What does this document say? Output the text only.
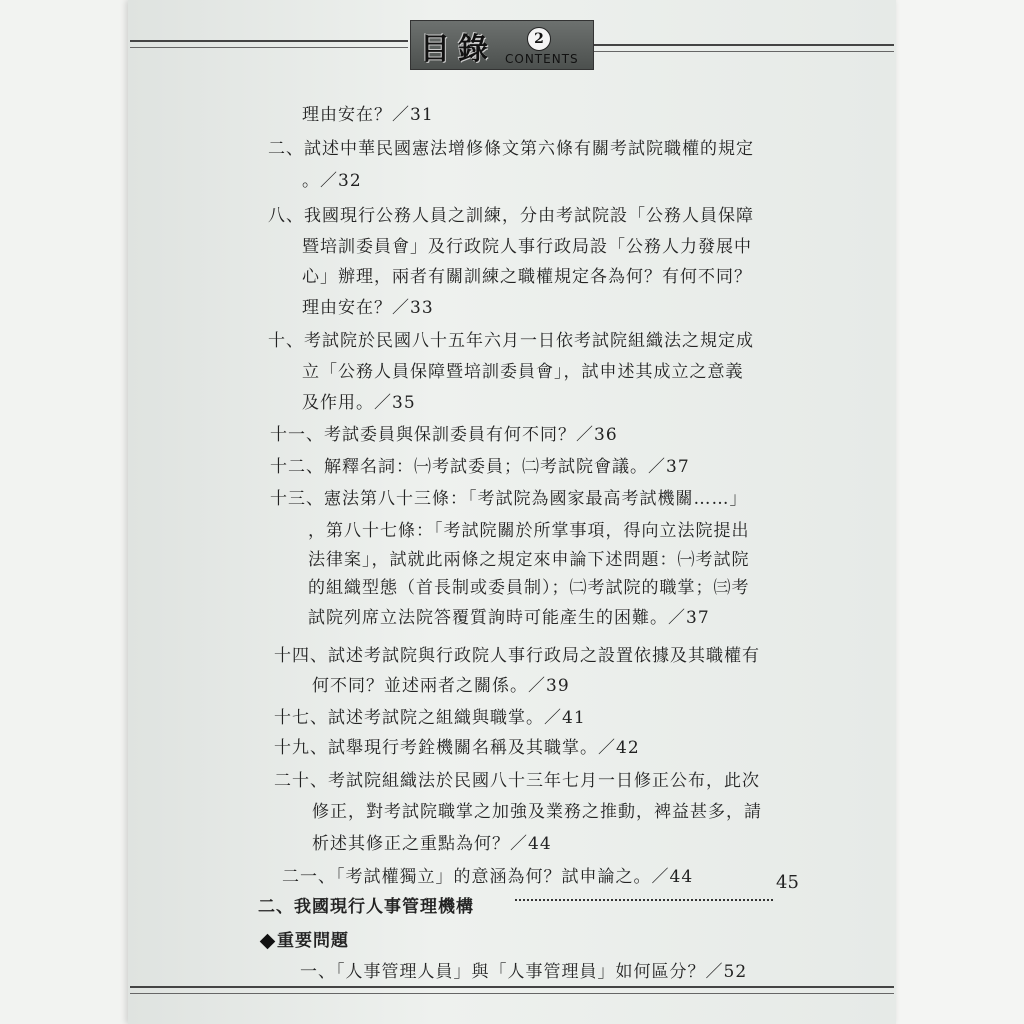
目錄	2
CONTENTS
理由安在？／31
二、試述中華民國憲法增修條文第六條有關考試院職權的規定
。／32
八、我國現行公務人員之訓練，分由考試院設「公務人員保障
暨培訓委員會」及行政院人事行政局設「公務人力發展中
心」辦理，兩者有關訓練之職權規定各為何？有何不同？
理由安在？／33
十、考試院於民國八十五年六月一日依考試院組織法之規定成
立「公務人員保障暨培訓委員會」，試申述其成立之意義
及作用。／35
十一、考試委員與保訓委員有何不同？／36
十二、解釋名詞：㈠考試委員；㈡考試院會議。／37
十三、憲法第八十三條：「考試院為國家最高考試機關……」
，第八十七條：「考試院關於所掌事項，得向立法院提出
法律案」，試就此兩條之規定來申論下述問題：㈠考試院
的組織型態（首長制或委員制）；㈡考試院的職掌；㈢考
試院列席立法院答覆質詢時可能產生的困難。／37
十四、試述考試院與行政院人事行政局之設置依據及其職權有
何不同？並述兩者之關係。／39
十七、試述考試院之組織與職掌。／41
十九、試舉現行考銓機關名稱及其職掌。／42
二十、考試院組織法於民國八十三年七月一日修正公布，此次
修正，對考試院職掌之加強及業務之推動，裨益甚多，請
析述其修正之重點為何？／44
二一、「考試權獨立」的意涵為何？試申論之。／44
二、我國現行人事管理機構
45
重要問題
一、「人事管理人員」與「人事管理員」如何區分？／52
